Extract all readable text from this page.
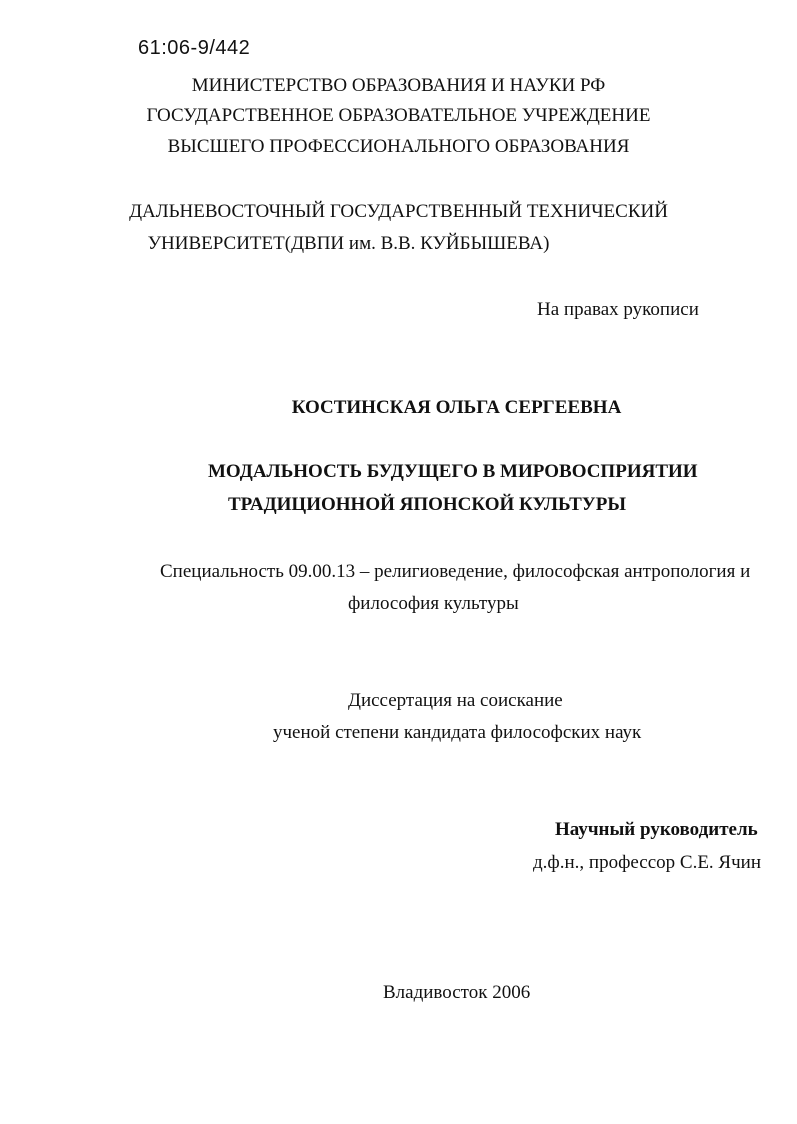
61:06-9/442
МИНИСТЕРСТВО ОБРАЗОВАНИЯ И НАУКИ РФ
ГОСУДАРСТВЕННОЕ ОБРАЗОВАТЕЛЬНОЕ УЧРЕЖДЕНИЕ
ВЫСШЕГО ПРОФЕССИОНАЛЬНОГО ОБРАЗОВАНИЯ
ДАЛЬНЕВОСТОЧНЫЙ ГОСУДАРСТВЕННЫЙ ТЕХНИЧЕСКИЙ
УНИВЕРСИТЕТ(ДВПИ им. В.В. КУЙБЫШЕВА)
На правах рукописи
КОСТИНСКАЯ ОЛЬГА СЕРГЕЕВНА
МОДАЛЬНОСТЬ БУДУЩЕГО В МИРОВОСПРИЯТИИ
ТРАДИЦИОННОЙ ЯПОНСКОЙ КУЛЬТУРЫ
Специальность 09.00.13 – религиоведение, философская антропология и
философия культуры
Диссертация на соискание
ученой степени кандидата философских наук
Научный руководитель
д.ф.н., профессор С.Е. Ячин
Владивосток 2006
